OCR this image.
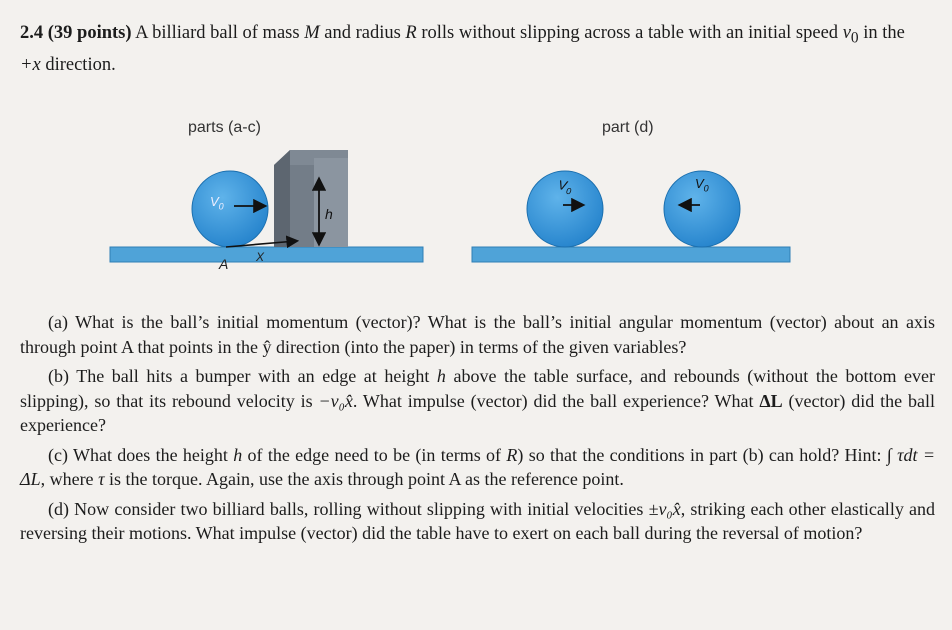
2.4 (39 points) A billiard ball of mass M and radius R rolls without slipping across a table with an initial speed $v_0$ in the +x direction.
parts (a-c)	part (d)
$V_0$	h
A X
$V_0$
$V_0$

(a) What is the ball’s initial momentum (vector)? What is the ball’s initial angular momentum (vector) about an axis through point A that points in the ŷ direction (into the paper) in terms of the given variables?

(b) The ball hits a bumper with an edge at height h above the table surface, and rebounds (without the bottom ever slipping), so that its rebound velocity is −v₀x̂. What impulse (vector) did the ball experience? What ΔL (vector) did the ball experience?

(c) What does the height h of the edge need to be (in terms of R) so that the conditions in part (b) can hold? Hint: ∫ τdt = ΔL, where τ is the torque. Again, use the axis through point A as the reference point.

(d) Now consider two billiard balls, rolling without slipping with initial velocities ±v₀x̂, striking each other elastically and reversing their motions. What impulse (vector) did the table have to exert on each ball during the reversal of motion?
